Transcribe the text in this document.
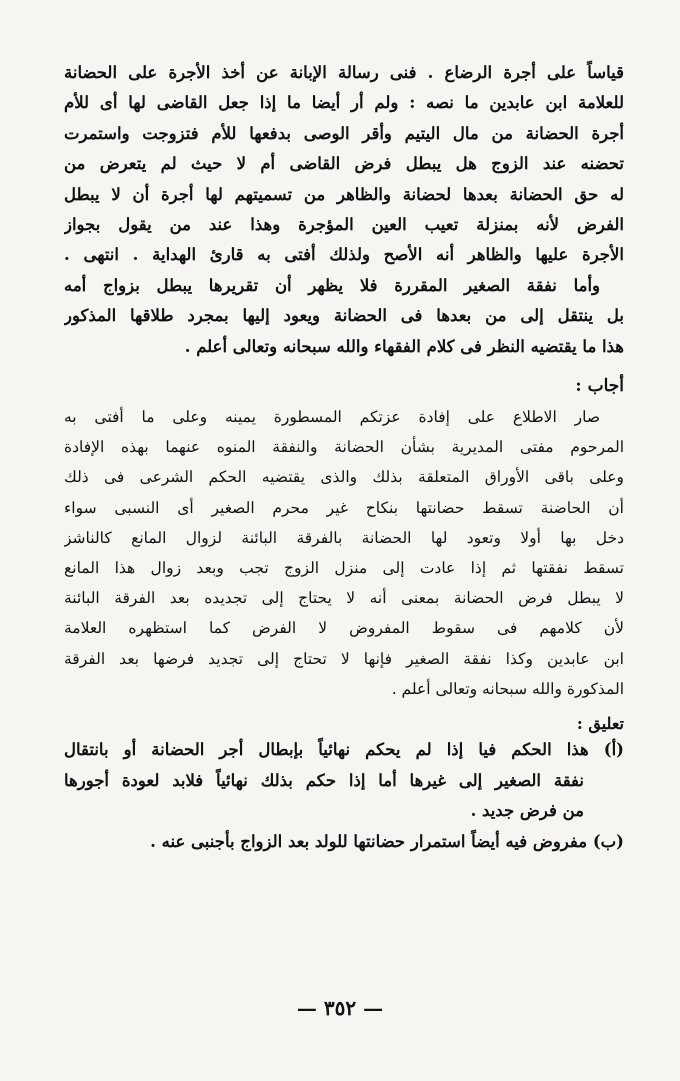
قياساً على أجرة الرضاع . فنى رسالة الإبانة عن أخذ الأجرة على الحضانة

للعلامة ابن عابدين ما نصه : ولم أر أيضا ما إذا جعل القاضى لها أى للأم

أجرة الحضانة من مال اليتيم وأقر الوصى بدفعها للأم فتزوجت واستمرت

تحضنه عند الزوج هل يبطل فرض القاضى أم لا حيث لم يتعرض من

له حق الحضانة بعدها لحضانة والظاهر من تسميتهم لها أجرة أن لا يبطل

الفرض لأنه بمنزلة تعيب العين المؤجرة وهذا عند من يقول بجواز

الأجرة عليها والظاهر أنه الأصح ولذلك أفتى به قارئ الهداية . انتهى .

وأما نفقة الصغير المقررة فلا يظهر أن تقريرها يبطل بزواج أمه

بل ينتقل إلى من بعدها فى الحضانة ويعود إليها بمجرد طلاقها المذكور

هذا ما يقتضيه النظر فى كلام الفقهاء والله سبحانه وتعالى أعلم .

أجاب :

صار الاطلاع على إفادة عزتكم المسطورة يمينه وعلى ما أفتى به

المرحوم مفتى المديرية بشأن الحضانة والنفقة المنوه عنهما بهذه الإفادة

وعلى باقى الأوراق المتعلقة بذلك والذى يقتضيه الحكم الشرعى فى ذلك

أن الحاضنة تسقط حضانتها بنكاح غير محرم الصغير أى النسبى سواء

دخل بها أولا وتعود لها الحضانة بالفرقة البائنة لزوال المانع كالناشز

تسقط نفقتها ثم إذا عادت إلى منزل الزوج تجب وبعد زوال هذا المانع

لا يبطل فرض الحضانة بمعنى أنه لا يحتاج إلى تجديده بعد الفرقة البائنة

لأن كلامهم فى سقوط المفروض لا الفرض كما استظهره العلامة

ابن عابدين وكذا نفقة الصغير فإنها لا تحتاج إلى تجديد فرضها بعد الفرقة

المذكورة والله سبحانه وتعالى أعلم .

تعليق :

(أ) هذا الحكم فيا إذا لم يحكم نهائياً بإبطال أجر الحضانة أو بانتقال

نفقة الصغير إلى غيرها أما إذا حكم بذلك نهائياً فلابد لعودة أجورها

من فرض جديد .

(ب) مفروض فيه أيضاً استمرار حضانتها للولد بعد الزواج بأجنبى عنه .

— ٣٥٢ —
